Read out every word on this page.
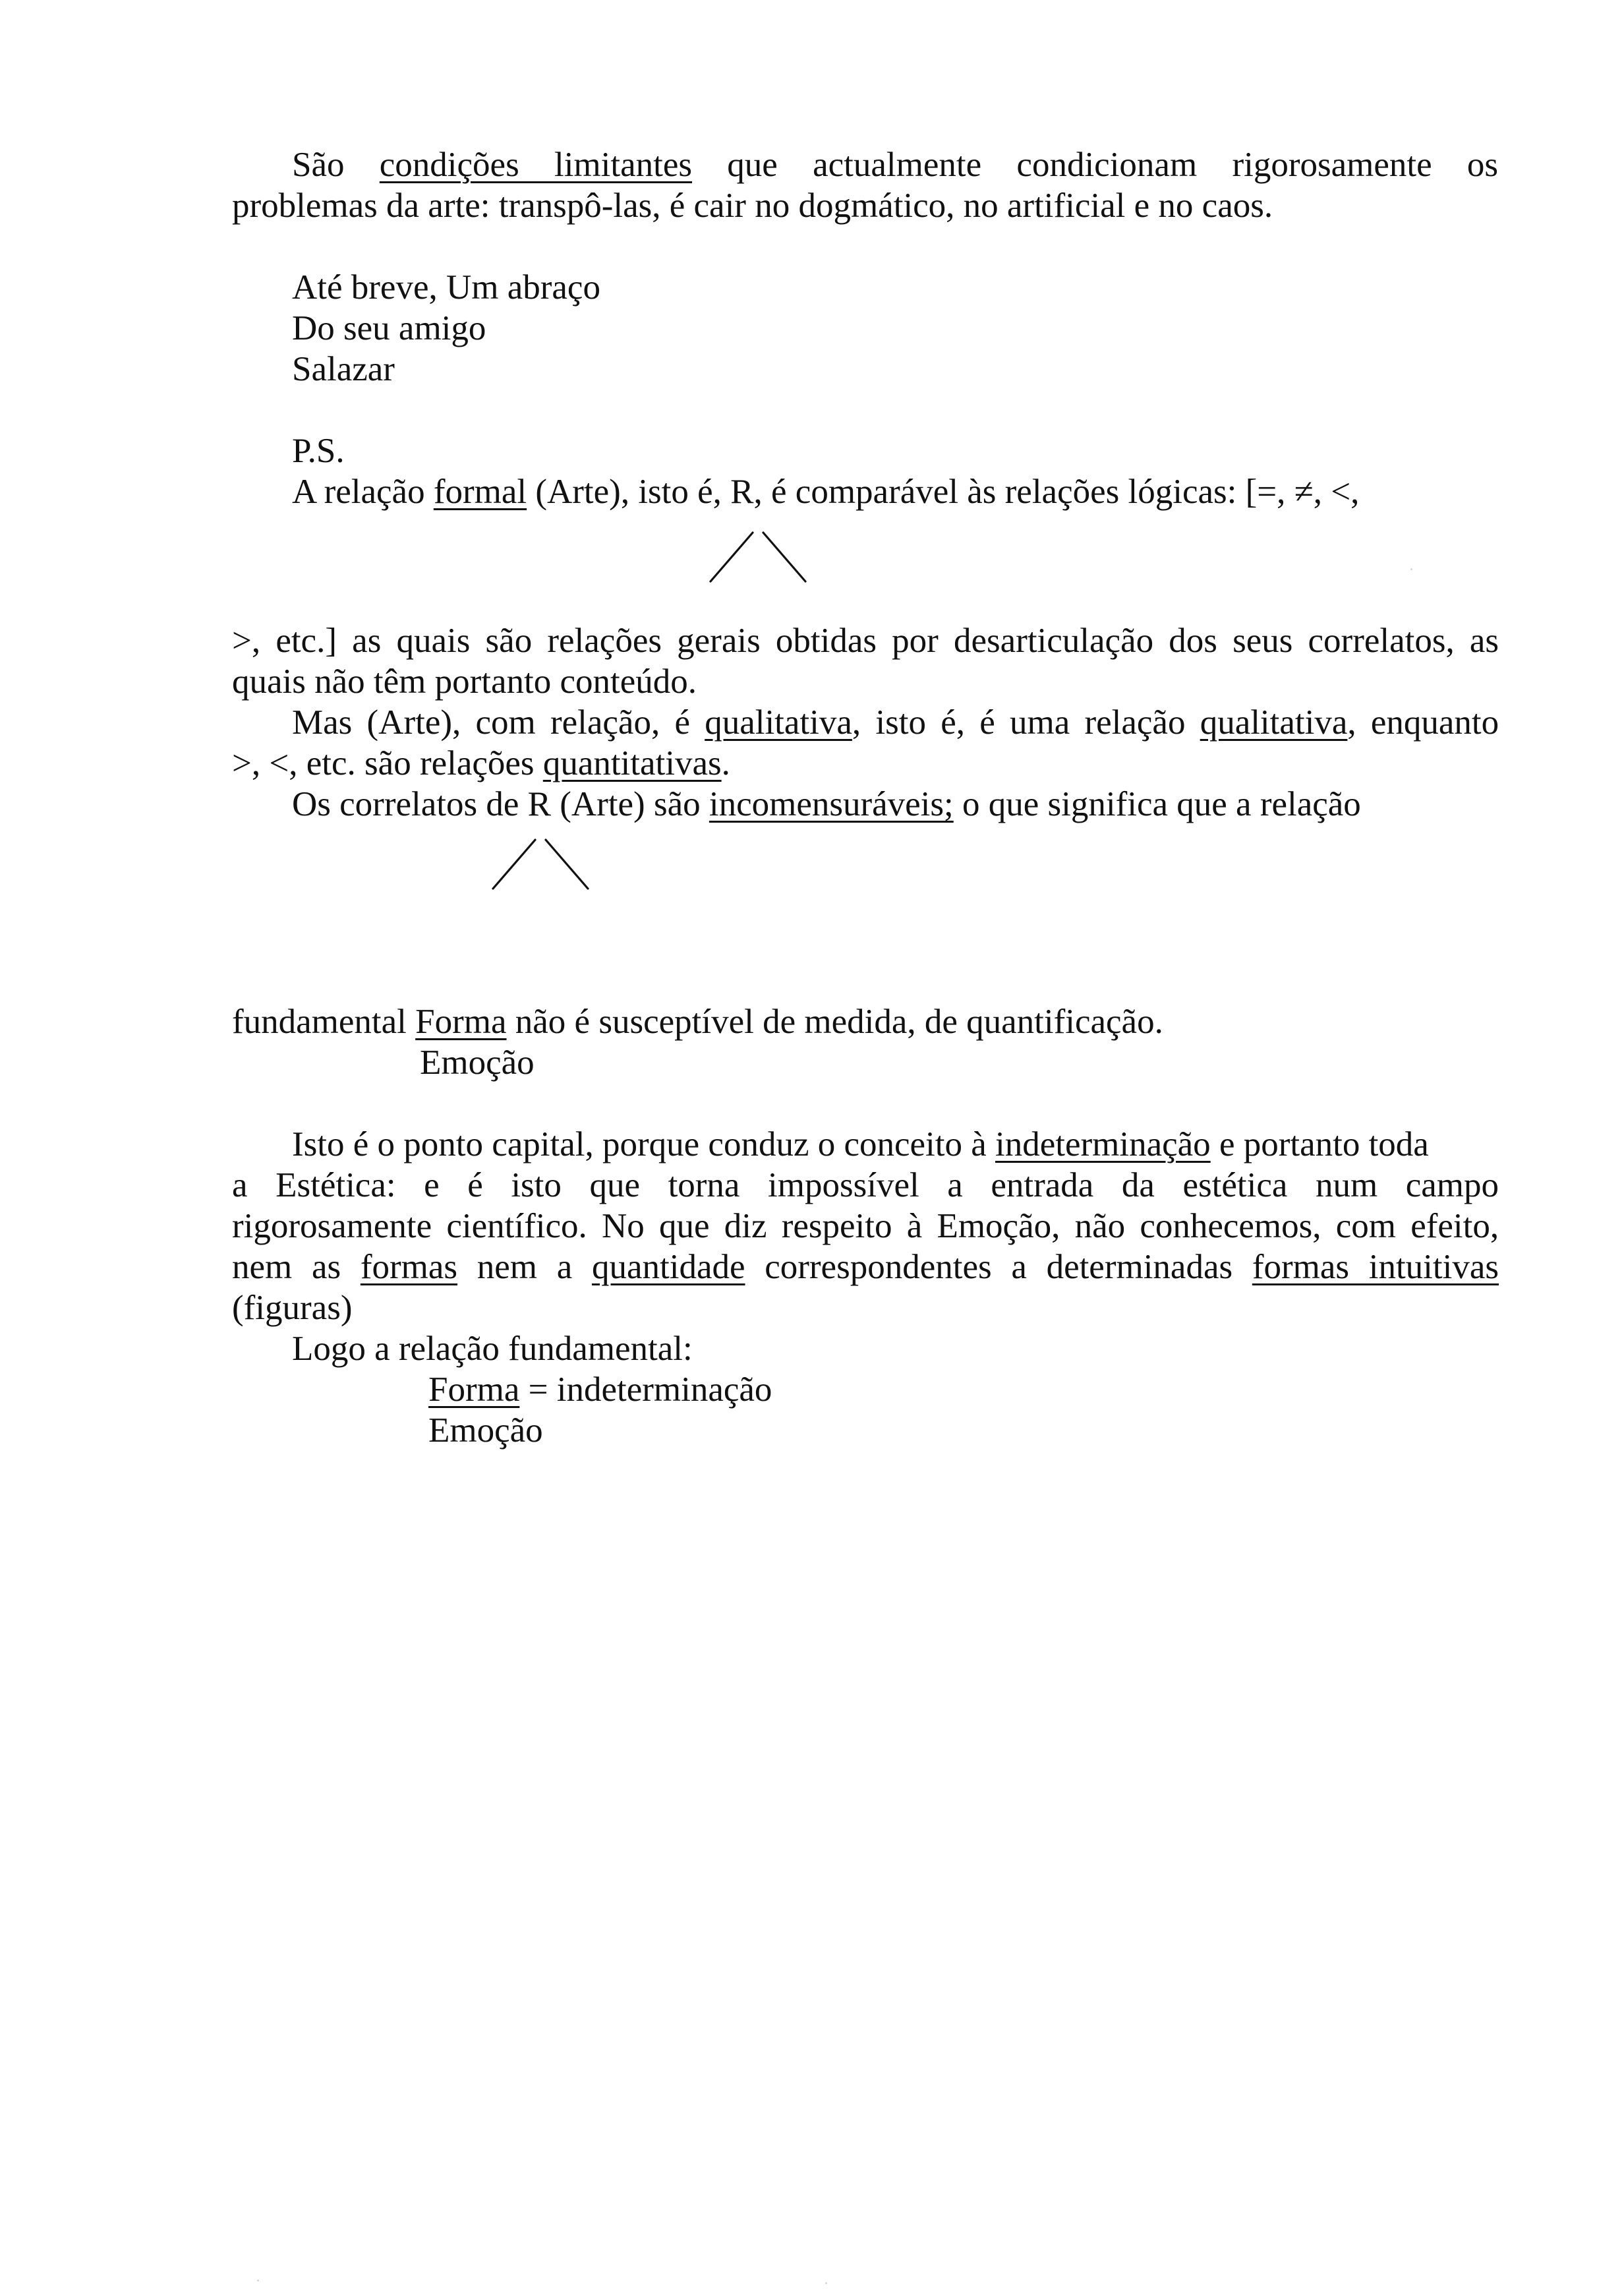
São condições limitantes que actualmente condicionam rigorosamente os
problemas da arte: transpô-las, é cair no dogmático, no artificial e no caos.
Até breve, Um abraço
Do seu amigo
Salazar
P.S.
A relação formal (Arte), isto é, R, é comparável às relações lógicas: [=, ≠, <,
>, etc.] as quais são relações gerais obtidas por desarticulação dos seus correlatos, as
quais não têm portanto conteúdo.
Mas (Arte), com relação, é qualitativa, isto é, é uma relação qualitativa, enquanto
>, <, etc. são relações quantitativas.
Os correlatos de R (Arte) são incomensuráveis; o que significa que a relação
fundamental Forma não é susceptível de medida, de quantificação.
Emoção
Isto é o ponto capital, porque conduz o conceito à indeterminação e portanto toda
a Estética: e é isto que torna impossível a entrada da estética num campo
rigorosamente científico. No que diz respeito à Emoção, não conhecemos, com efeito,
nem as formas nem a quantidade correspondentes a determinadas formas intuitivas
(figuras)
Logo a relação fundamental:
Forma = indeterminação
Emoção
